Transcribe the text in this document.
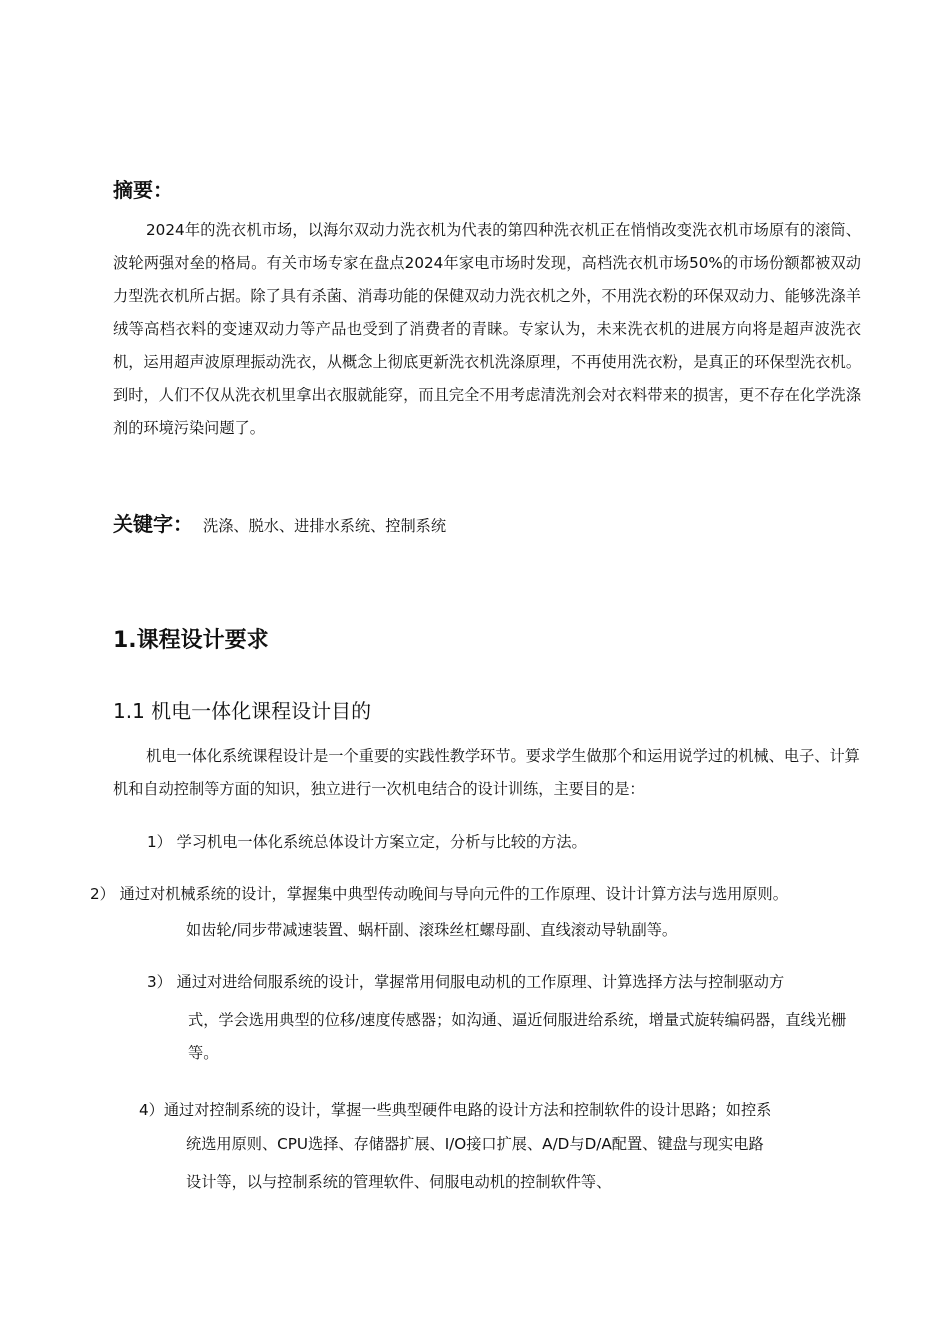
摘要：

2024年的洗衣机市场，以海尔双动力洗衣机为代表的第四种洗衣机正在悄悄改变洗衣机市场原有的滚筒、波轮两强对垒的格局。有关市场专家在盘点2024年家电市场时发现，高档洗衣机市场50%的市场份额都被双动力型洗衣机所占据。除了具有杀菌、消毒功能的保健双动力洗衣机之外，不用洗衣粉的环保双动力、能够洗涤羊绒等高档衣料的变速双动力等产品也受到了消费者的青睐。专家认为，未来洗衣机的进展方向将是超声波洗衣机，运用超声波原理振动洗衣，从概念上彻底更新洗衣机洗涤原理，不再使用洗衣粉，是真正的环保型洗衣机。到时，人们不仅从洗衣机里拿出衣服就能穿，而且完全不用考虑清洗剂会对衣料带来的损害，更不存在化学洗涤剂的环境污染问题了。

关键字： 洗涤、脱水、进排水系统、控制系统
1.课程设计要求
1.1 机电一体化课程设计目的

机电一体化系统课程设计是一个重要的实践性教学环节。要求学生做那个和运用说学过的机械、电子、计算机和自动控制等方面的知识，独立进行一次机电结合的设计训练，主要目的是：

1） 学习机电一体化系统总体设计方案立定，分析与比较的方法。
2） 通过对机械系统的设计，掌握集中典型传动晚间与导向元件的工作原理、设计计算方法与选用原则。
如齿轮/同步带减速装置、蜗杆副、滚珠丝杠螺母副、直线滚动导轨副等。
3） 通过对进给伺服系统的设计，掌握常用伺服电动机的工作原理、计算选择方法与控制驱动方
式，学会选用典型的位移/速度传感器；如沟通、逼近伺服进给系统，增量式旋转编码器，直线光栅等。
4）通过对控制系统的设计，掌握一些典型硬件电路的设计方法和控制软件的设计思路；如控系
统选用原则、CPU选择、存储器扩展、I/O接口扩展、A/D与D/A配置、键盘与现实电路
设计等，以与控制系统的管理软件、伺服电动机的控制软件等、
